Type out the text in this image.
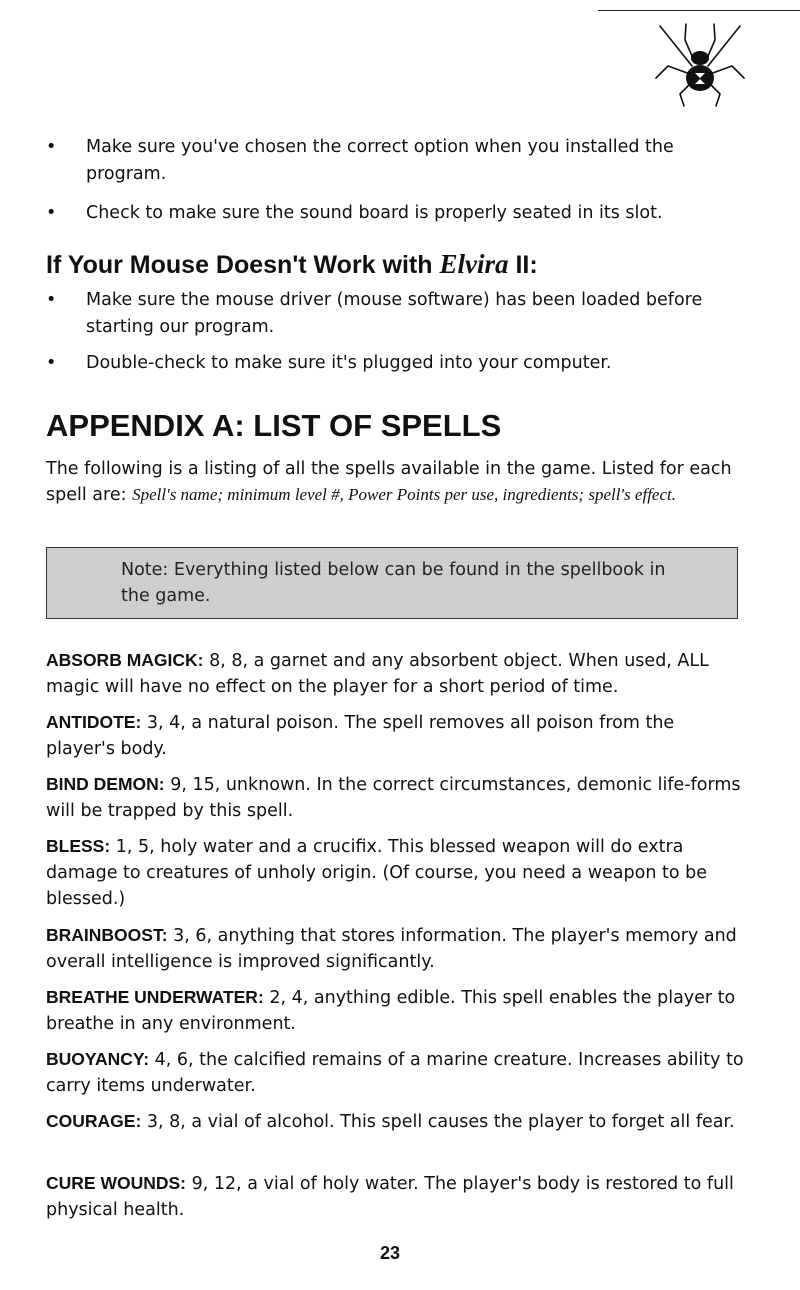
• Make sure you've chosen the correct option when you installed the program.
• Check to make sure the sound board is properly seated in its slot.
If Your Mouse Doesn't Work with Elvira II:
• Make sure the mouse driver (mouse software) has been loaded before starting our program.
• Double-check to make sure it's plugged into your computer.
APPENDIX A: LIST OF SPELLS
The following is a listing of all the spells available in the game. Listed for each spell are: Spell's name; minimum level #, Power Points per use, ingredients; spell's effect.
Note: Everything listed below can be found in the spellbook in the game.
ABSORB MAGICK: 8, 8, a garnet and any absorbent object. When used, ALL magic will have no effect on the player for a short period of time.
ANTIDOTE: 3, 4, a natural poison. The spell removes all poison from the player's body.
BIND DEMON: 9, 15, unknown. In the correct circumstances, demonic life-forms will be trapped by this spell.
BLESS: 1, 5, holy water and a crucifix. This blessed weapon will do extra damage to creatures of unholy origin. (Of course, you need a weapon to be blessed.)
BRAINBOOST: 3, 6, anything that stores information. The player's memory and overall intelligence is improved significantly.
BREATHE UNDERWATER: 2, 4, anything edible. This spell enables the player to breathe in any environment.
BUOYANCY: 4, 6, the calcified remains of a marine creature. Increases ability to carry items underwater.
COURAGE: 3, 8, a vial of alcohol. This spell causes the player to forget all fear.
CURE WOUNDS: 9, 12, a vial of holy water. The player's body is restored to full physical health.
23
